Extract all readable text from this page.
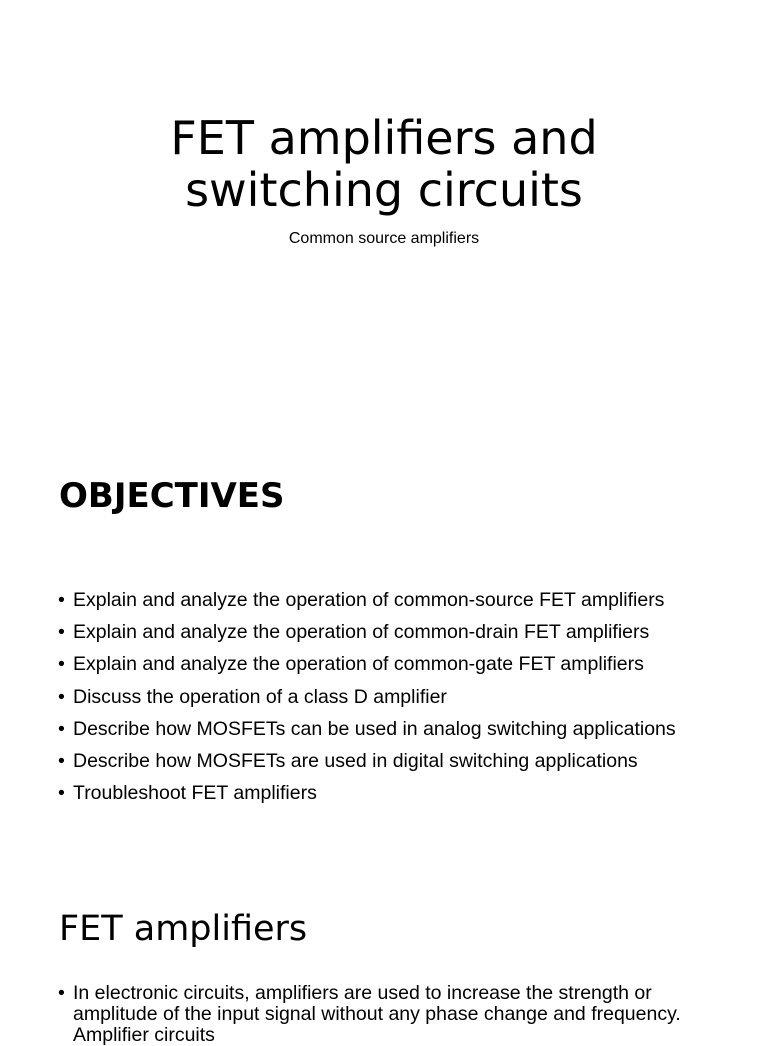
FET amplifiers and
switching circuits
Common source amplifiers
OBJECTIVES
• Explain and analyze the operation of common-source FET amplifiers
• Explain and analyze the operation of common-drain FET amplifiers
• Explain and analyze the operation of common-gate FET amplifiers
• Discuss the operation of a class D amplifier
• Describe how MOSFETs can be used in analog switching applications
• Describe how MOSFETs are used in digital switching applications
• Troubleshoot FET amplifiers
FET amplifiers
• In electronic circuits, amplifiers are used to increase the strength or amplitude of the input signal without any phase change and frequency. Amplifier circuits
